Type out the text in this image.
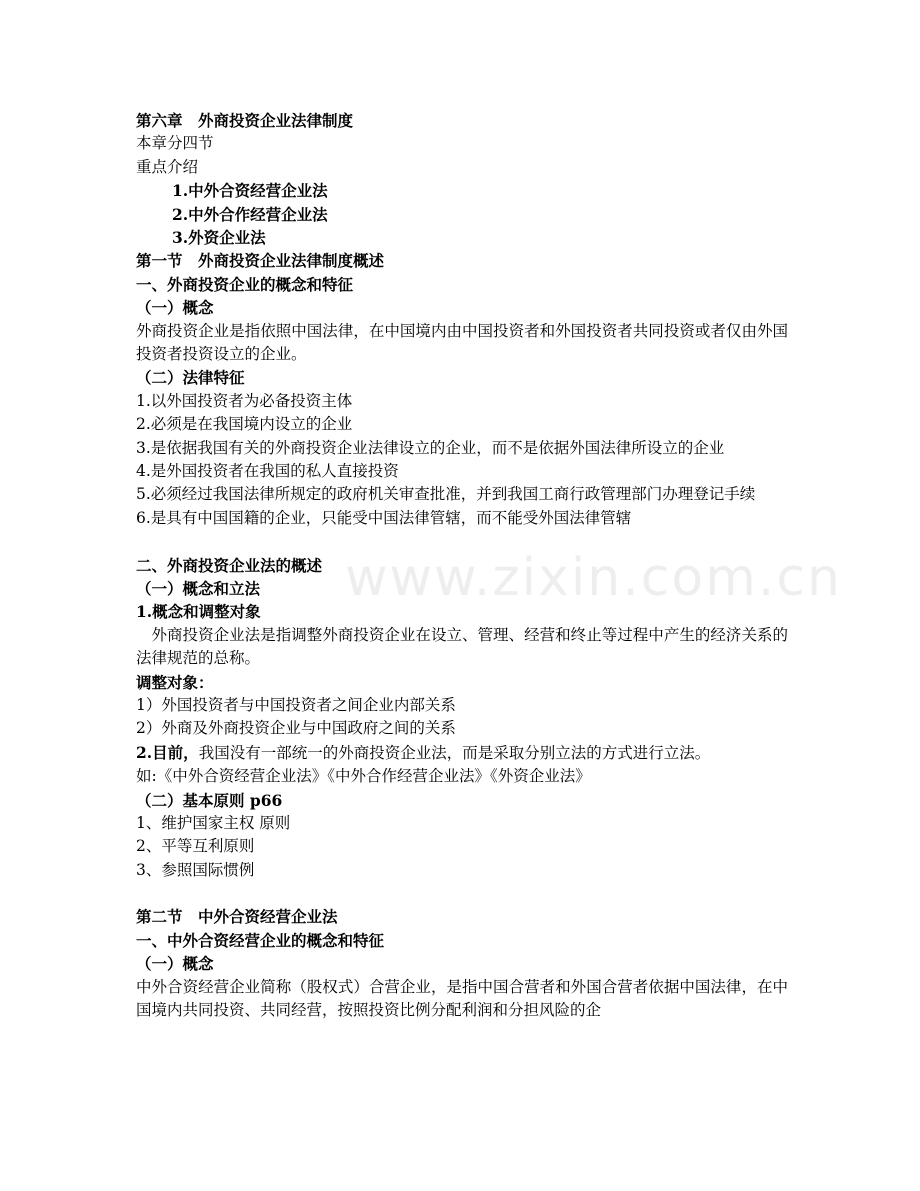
第六章　外商投资企业法律制度
本章分四节
重点介绍
1.中外合资经营企业法
2.中外合作经营企业法
3.外资企业法
第一节　外商投资企业法律制度概述
一、外商投资企业的概念和特征
（一）概念
外商投资企业是指依照中国法律，在中国境内由中国投资者和外国投资者共同投资或者仅由外国投资者投资设立的企业。
（二）法律特征
1.以外国投资者为必备投资主体
2.必须是在我国境内设立的企业
3.是依据我国有关的外商投资企业法律设立的企业，而不是依据外国法律所设立的企业
4.是外国投资者在我国的私人直接投资
5.必须经过我国法律所规定的政府机关审查批准，并到我国工商行政管理部门办理登记手续
6.是具有中国国籍的企业，只能受中国法律管辖，而不能受外国法律管辖
二、外商投资企业法的概述
（一）概念和立法
1.概念和调整对象
外商投资企业法是指调整外商投资企业在设立、管理、经营和终止等过程中产生的经济关系的法律规范的总称。
调整对象：
1）外国投资者与中国投资者之间企业内部关系
2）外商及外商投资企业与中国政府之间的关系
2.目前，我国没有一部统一的外商投资企业法，而是采取分别立法的方式进行立法。
如:《中外合资经营企业法》《中外合作经营企业法》《外资企业法》
（二）基本原则 p66
1、维护国家主权 原则
2、平等互利原则
3、参照国际惯例
第二节　中外合资经营企业法
一、中外合资经营企业的概念和特征
（一）概念
中外合资经营企业简称（股权式）合营企业，是指中国合营者和外国合营者依据中国法律，在中国境内共同投资、共同经营，按照投资比例分配利润和分担风险的企
www.zixin.com.cn
